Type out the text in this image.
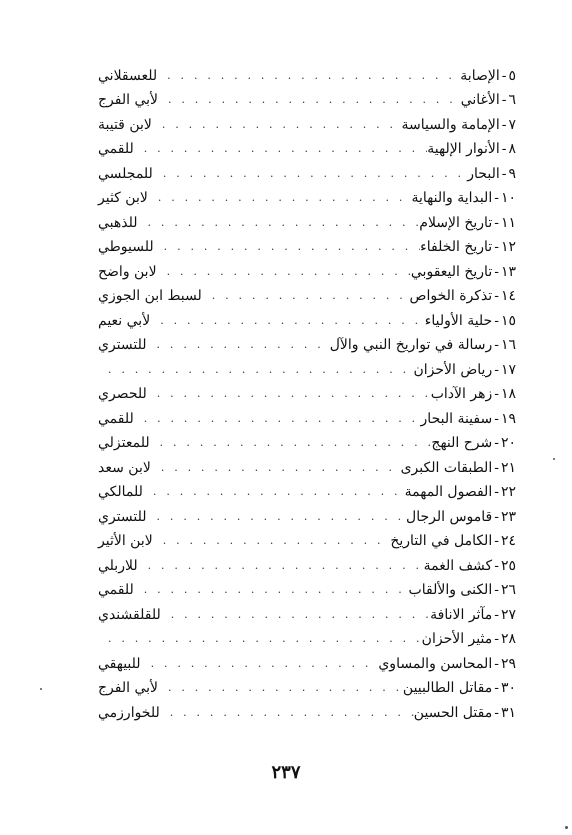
٥
-
الإصابة
. . .
للعسقلاني
٦
-
الأغاني
. . .
لأبي الفرج
٧
-
الإمامة والسياسة
. . .
لابن قتيبة
٨
-
الأنوار الإلهية
. . .
للقمي
٩
-
البحار
. . .
للمجلسي
١٠
-
البداية والنهاية
. . .
لابن كثير
١١
-
تاريخ الإسلام
. . .
للذهبي
١٢
-
تاريخ الخلفاء
. . .
للسيوطي
١٣
-
تاريخ اليعقوبي
. . .
لابن واضح
١٤
-
تذكرة الخواص
. . .
لسبط ابن الجوزي
١٥
-
حلية الأولياء
. . .
لأبي نعيم
١٦
-
رسالة في تواريخ النبي والآل
. . .
للتستري
١٧
-
رياض الأحزان
. . .
١٨
-
زهر الآداب
. . .
للحصري
١٩
-
سفينة البحار
. . .
للقمي
٢٠
-
شرح النهج
. . .
للمعتزلي
٢١
-
الطبقات الكبرى
. . .
لابن سعد
٢٢
-
الفصول المهمة
. . .
للمالكي
٢٣
-
قاموس الرجال
. . .
للتستري
٢٤
-
الكامل في التاريخ
. . .
لابن الأثير
٢٥
-
كشف الغمة
. . .
للاربلي
٢٦
-
الكنى والألقاب
. . .
للقمي
٢٧
-
مآثر الانافة
. . .
للقلقشندي
٢٨
-
مثير الأحزان
. . .
٢٩
-
المحاسن والمساوي
. . .
للبيهقي
٣٠
-
مقاتل الطالبيين
. . .
لأبي الفرج
٣١
-
مقتل الحسين
. . .
للخوارزمي
٢٣٧
